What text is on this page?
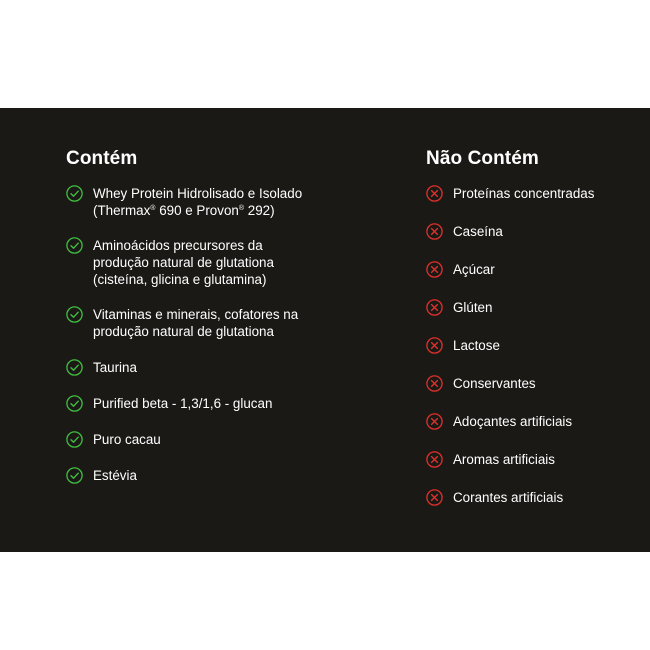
Contém
Whey Protein Hidrolisado e Isolado
(Thermax® 690 e Provon® 292)
Aminoácidos precursores da
produção natural de glutationa
(cisteína, glicina e glutamina)
Vitaminas e minerais, cofatores na
produção natural de glutationa
Taurina
Purified beta - 1,3/1,6 - glucan
Puro cacau
Estévia
Não Contém
Proteínas concentradas
Caseína
Açúcar
Glúten
Lactose
Conservantes
Adoçantes artificiais
Aromas artificiais
Corantes artificiais
